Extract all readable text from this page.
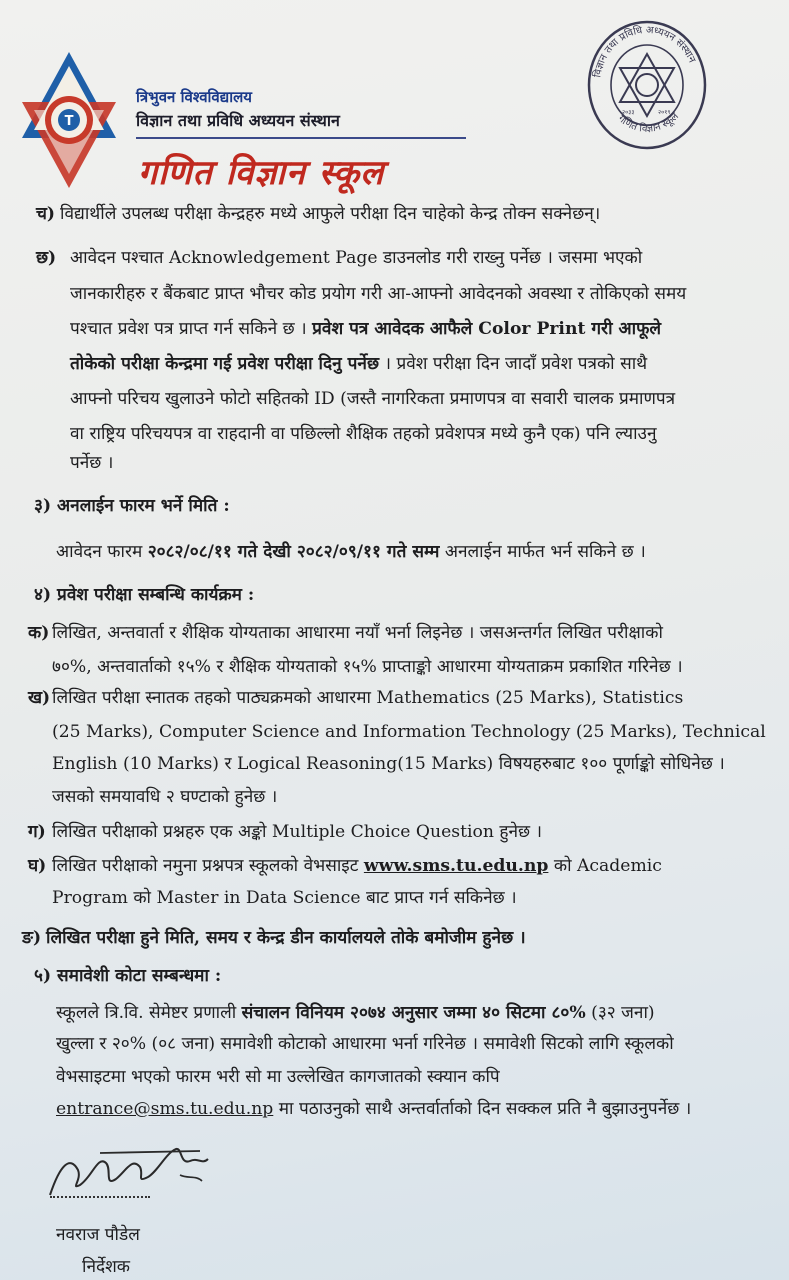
T
त्रिभुवन विश्वविद्यालय
विज्ञान तथा प्रविधि अध्ययन संस्थान
गणित विज्ञान स्कूल
विज्ञान तथा प्रविधि अध्ययन संस्थान
गणित विज्ञान स्कूल
२०३३	२०१९
च) विद्यार्थीले उपलब्ध परीक्षा केन्द्रहरु मध्ये आफुले परीक्षा दिन चाहेको केन्द्र तोक्न सक्नेछन्।
छ) आवेदन पश्चात Acknowledgement Page डाउनलोड गरी राख्नु पर्नेछ । जसमा भएको
जानकारीहरु र बैंकबाट प्राप्त भौचर कोड प्रयोग गरी आ-आफ्नो आवेदनको अवस्था र तोकिएको समय
पश्चात प्रवेश पत्र प्राप्त गर्न सकिने छ । प्रवेश पत्र आवेदक आफैले Color Print गरी आफूले
तोकेको परीक्षा केन्द्रमा गई प्रवेश परीक्षा दिनु पर्नेछ । प्रवेश परीक्षा दिन जादाँ प्रवेश पत्रको साथै
आफ्नो परिचय खुलाउने फोटो सहितको ID (जस्तै नागरिकता प्रमाणपत्र वा सवारी चालक प्रमाणपत्र
वा राष्ट्रिय परिचयपत्र वा राहदानी वा पछिल्लो शैक्षिक तहको प्रवेशपत्र मध्ये कुनै एक) पनि ल्याउनु
पर्नेछ ।
३) अनलाईन फारम भर्ने मिति :
आवेदन फारम २०८२/०८/११ गते देखी २०८२/०९/११ गते सम्म अनलाईन मार्फत भर्न सकिने छ ।
४) प्रवेश परीक्षा सम्बन्धि कार्यक्रम :
क) लिखित, अन्तवार्ता र शैक्षिक योग्यताका आधारमा नयाँ भर्ना लिइनेछ । जसअन्तर्गत लिखित परीक्षाको
७०%, अन्तवार्ताको १५% र शैक्षिक योग्यताको १५% प्राप्ताङ्को आधारमा योग्यताक्रम प्रकाशित गरिनेछ ।
ख) लिखित परीक्षा स्नातक तहको पाठ्यक्रमको आधारमा Mathematics (25 Marks), Statistics
(25 Marks), Computer Science and Information Technology (25 Marks), Technical
English (10 Marks) र Logical Reasoning(15 Marks) विषयहरुबाट १०० पूर्णाङ्को सोधिनेछ ।
जसको समयावधि २ घण्टाको हुनेछ ।
ग) लिखित परीक्षाको प्रश्नहरु एक अङ्को Multiple Choice Question हुनेछ ।
घ) लिखित परीक्षाको नमुना प्रश्नपत्र स्कूलको वेभसाइट www.sms.tu.edu.np को Academic
Program को Master in Data Science बाट प्राप्त गर्न सकिनेछ ।
ङ) लिखित परीक्षा हुने मिति, समय र केन्द्र डीन कार्यालयले तोके बमोजीम हुनेछ ।
५) समावेशी कोटा सम्बन्धमा :
स्कूलले त्रि.वि. सेमेष्टर प्रणाली संचालन विनियम २०७४ अनुसार जम्मा ४० सिटमा ८०% (३२ जना)
खुल्ला र २०% (०८ जना) समावेशी कोटाको आधारमा भर्ना गरिनेछ । समावेशी सिटको लागि स्कूलको
वेभसाइटमा भएको फारम भरी सो मा उल्लेखित कागजातको स्क्यान कपि
entrance@sms.tu.edu.np मा पठाउनुको साथै अन्तर्वार्ताको दिन सक्कल प्रति नै बुझाउनुपर्नेछ ।
नवराज पौडेल
निर्देशक
